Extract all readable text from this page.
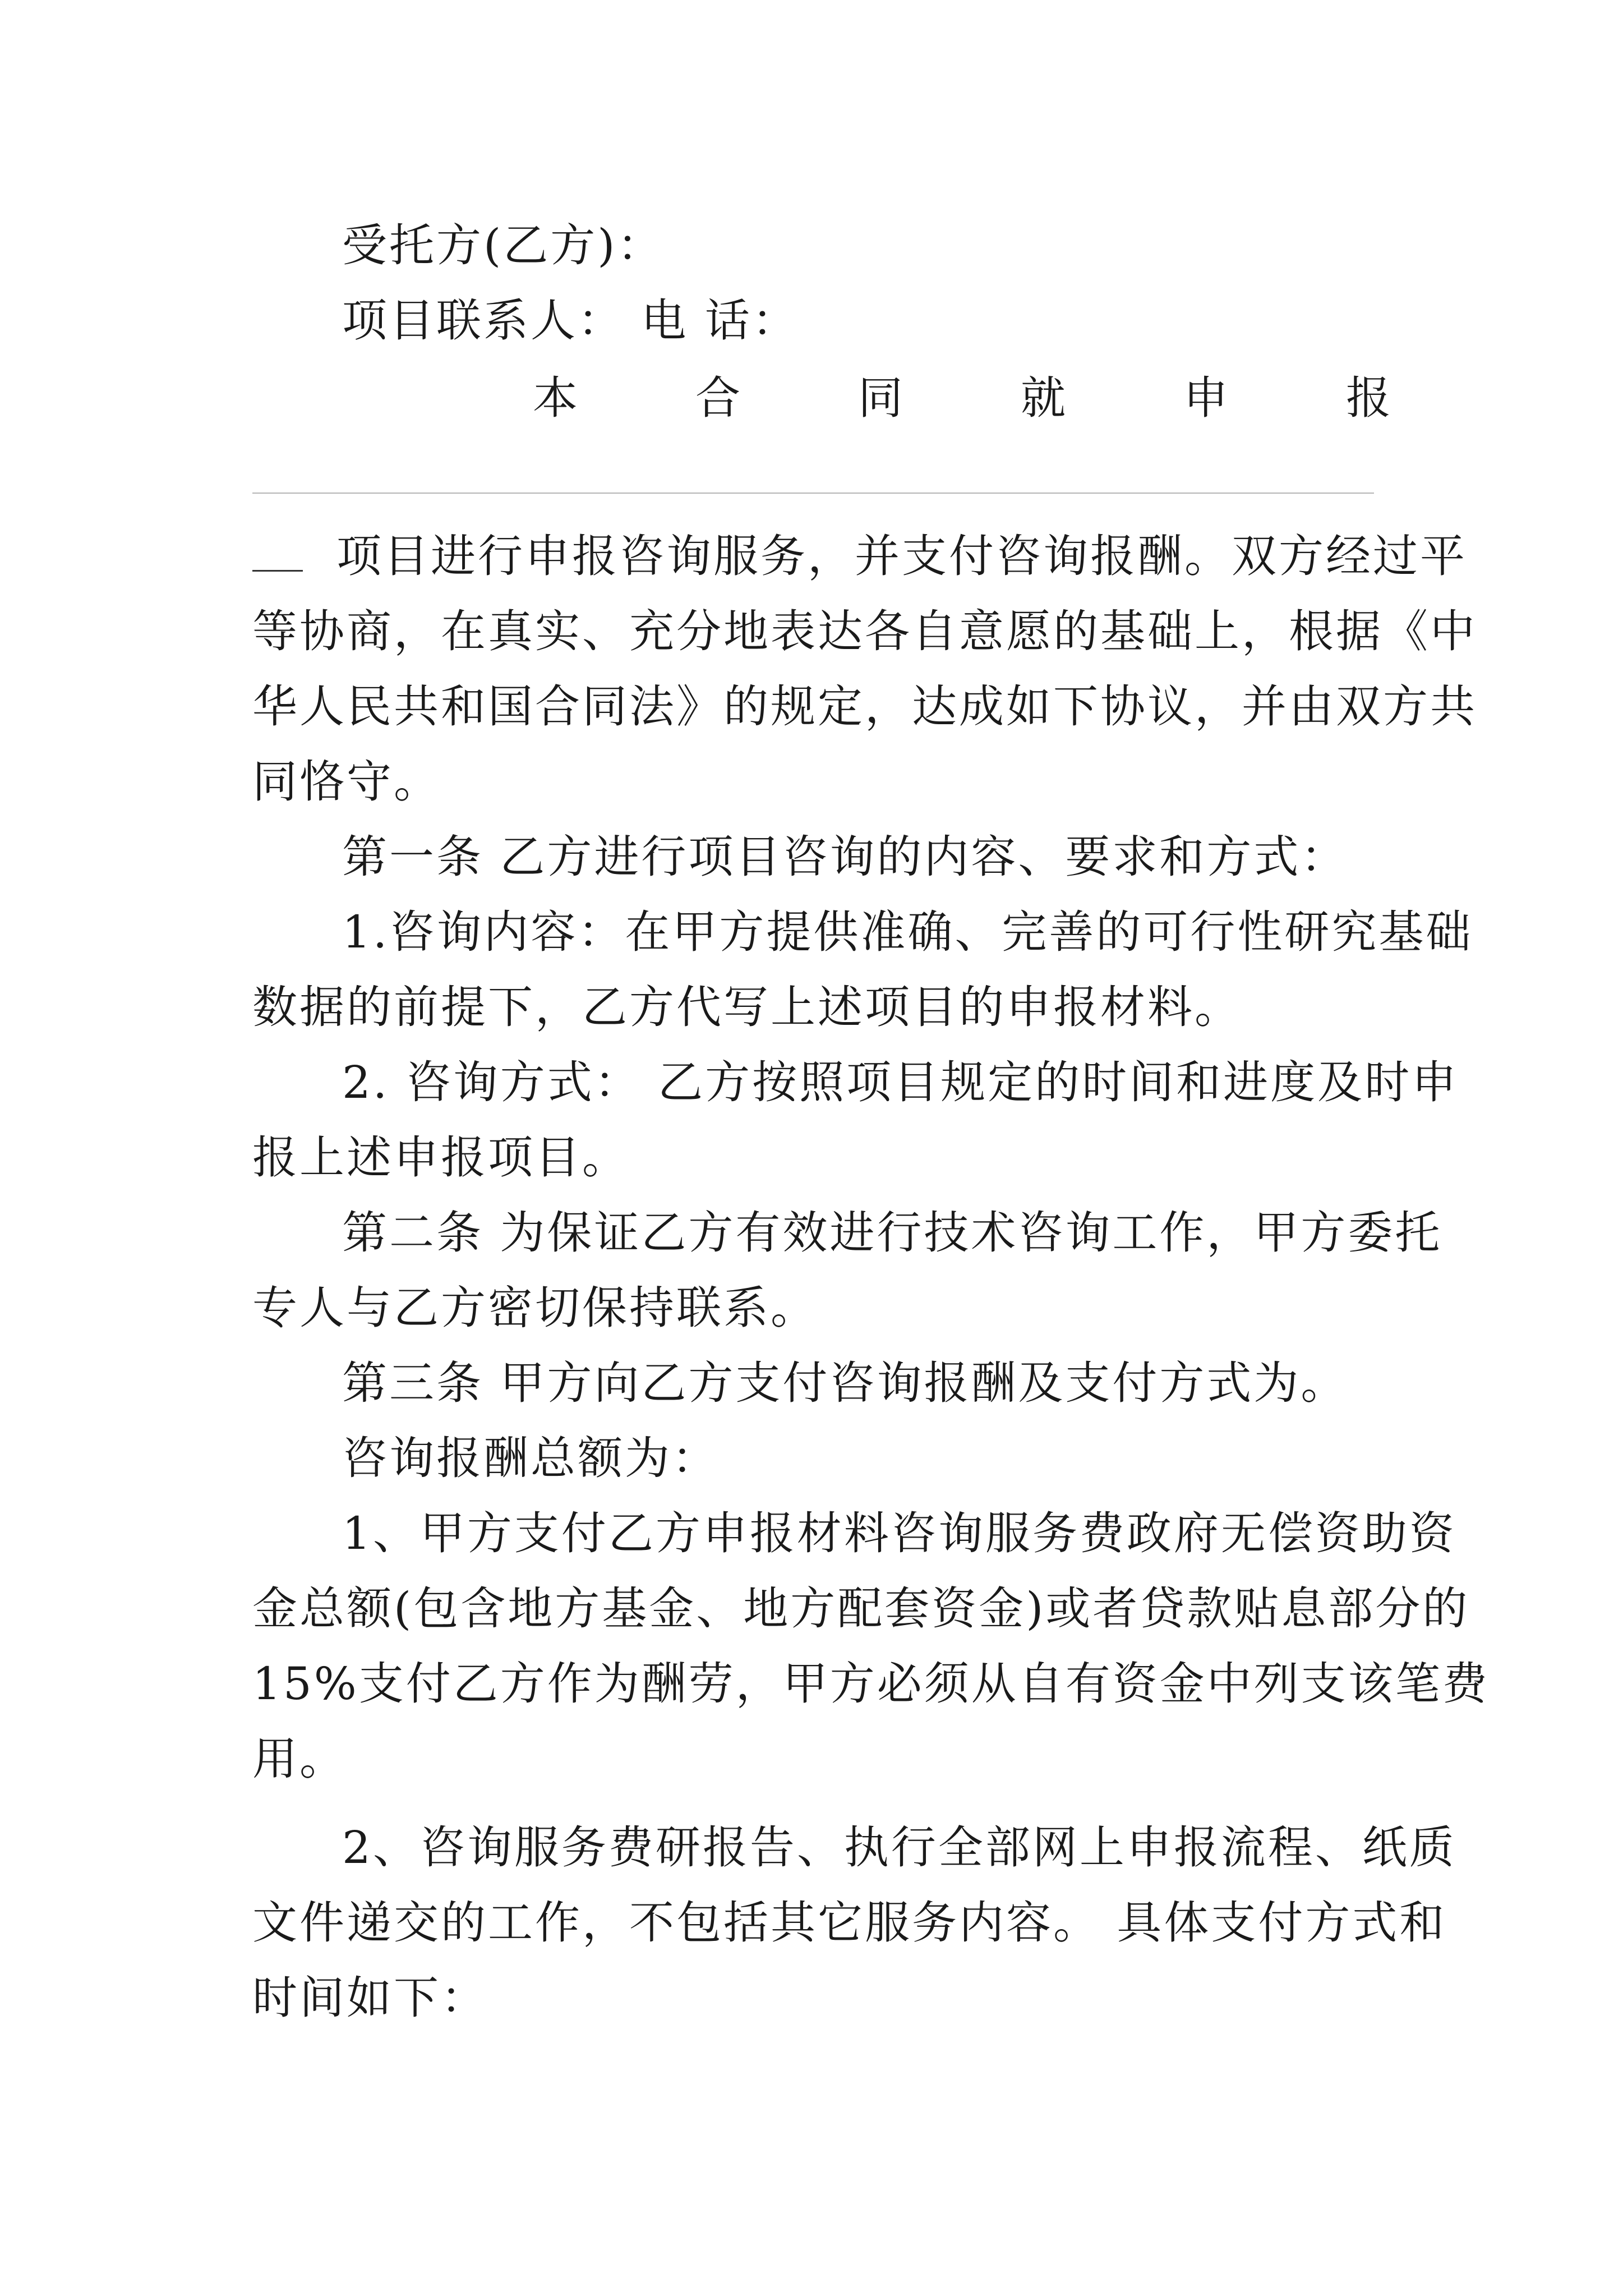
受托方(乙方)：
项目联系人： 电 话：
本	合	同	就	申	报
项目进行申报咨询服务，并支付咨询报酬。双方经过平
等协商，在真实、充分地表达各自意愿的基础上，根据《中
华人民共和国合同法》的规定，达成如下协议，并由双方共
同恪守。
第一条 乙方进行项目咨询的内容、要求和方式：
1.咨询内容：在甲方提供准确、完善的可行性研究基础
数据的前提下，乙方代写上述项目的申报材料。
2. 咨询方式： 乙方按照项目规定的时间和进度及时申
报上述申报项目。
第二条 为保证乙方有效进行技术咨询工作，甲方委托
专人与乙方密切保持联系。
第三条 甲方向乙方支付咨询报酬及支付方式为。
咨询报酬总额为：
1、甲方支付乙方申报材料咨询服务费政府无偿资助资
金总额(包含地方基金、地方配套资金)或者贷款贴息部分的
15%支付乙方作为酬劳，甲方必须从自有资金中列支该笔费
用。
2、咨询服务费研报告、执行全部网上申报流程、纸质
文件递交的工作，不包括其它服务内容。 具体支付方式和
时间如下：
